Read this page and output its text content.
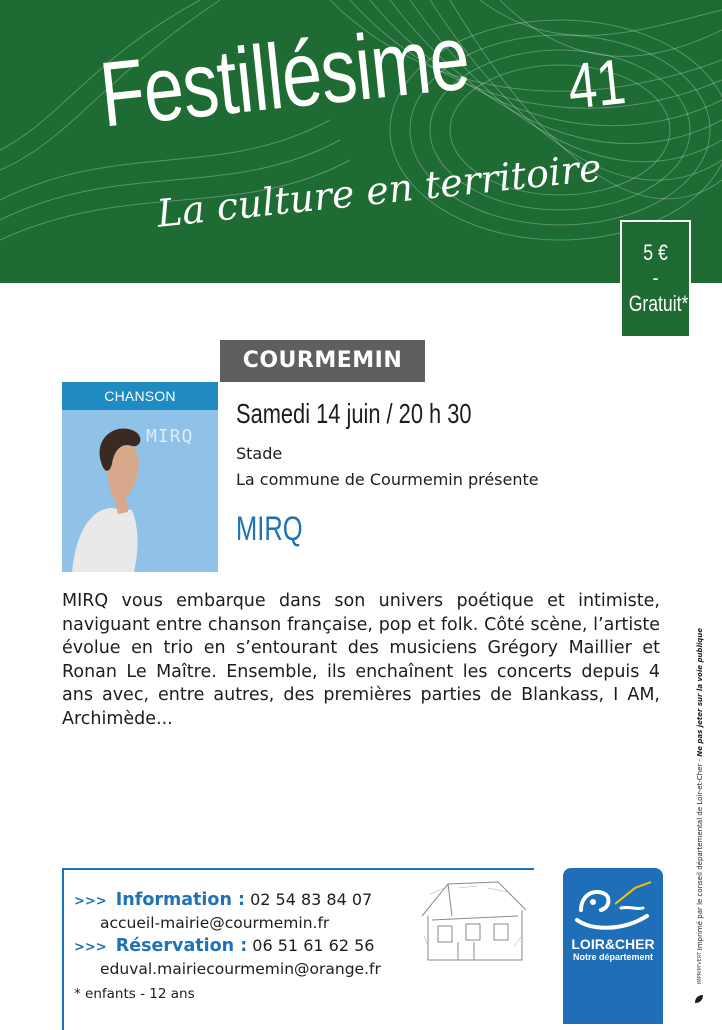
Festillésime 41
La culture en territoire
5 €
-
Gratuit*
COURMEMIN
CHANSON
MIRQ
Samedi 14 juin / 20 h 30
Stade
La commune de Courmemin présente
MIRQ
MIRQ vous embarque dans son univers poétique et intimiste, naviguant entre chanson française, pop et folk. Côté scène, l’artiste évolue en trio en s’entourant des musiciens Grégory Maillier et Ronan Le Maître. Ensemble, ils enchaînent les concerts depuis 4 ans avec, entre autres, des premières parties de Blankass, I AM, Archimède...
Imprimé par le conseil départemental de Loir-et-Cher - Ne pas jeter sur la voie publique
IMPRIM'VERT
>>> Information : 02 54 83 84 07
accueil-mairie@courmemin.fr
>>> Réservation : 06 51 61 62 56
eduval.mairiecourmemin@orange.fr
* enfants - 12 ans
LOIR&CHER
Notre département
